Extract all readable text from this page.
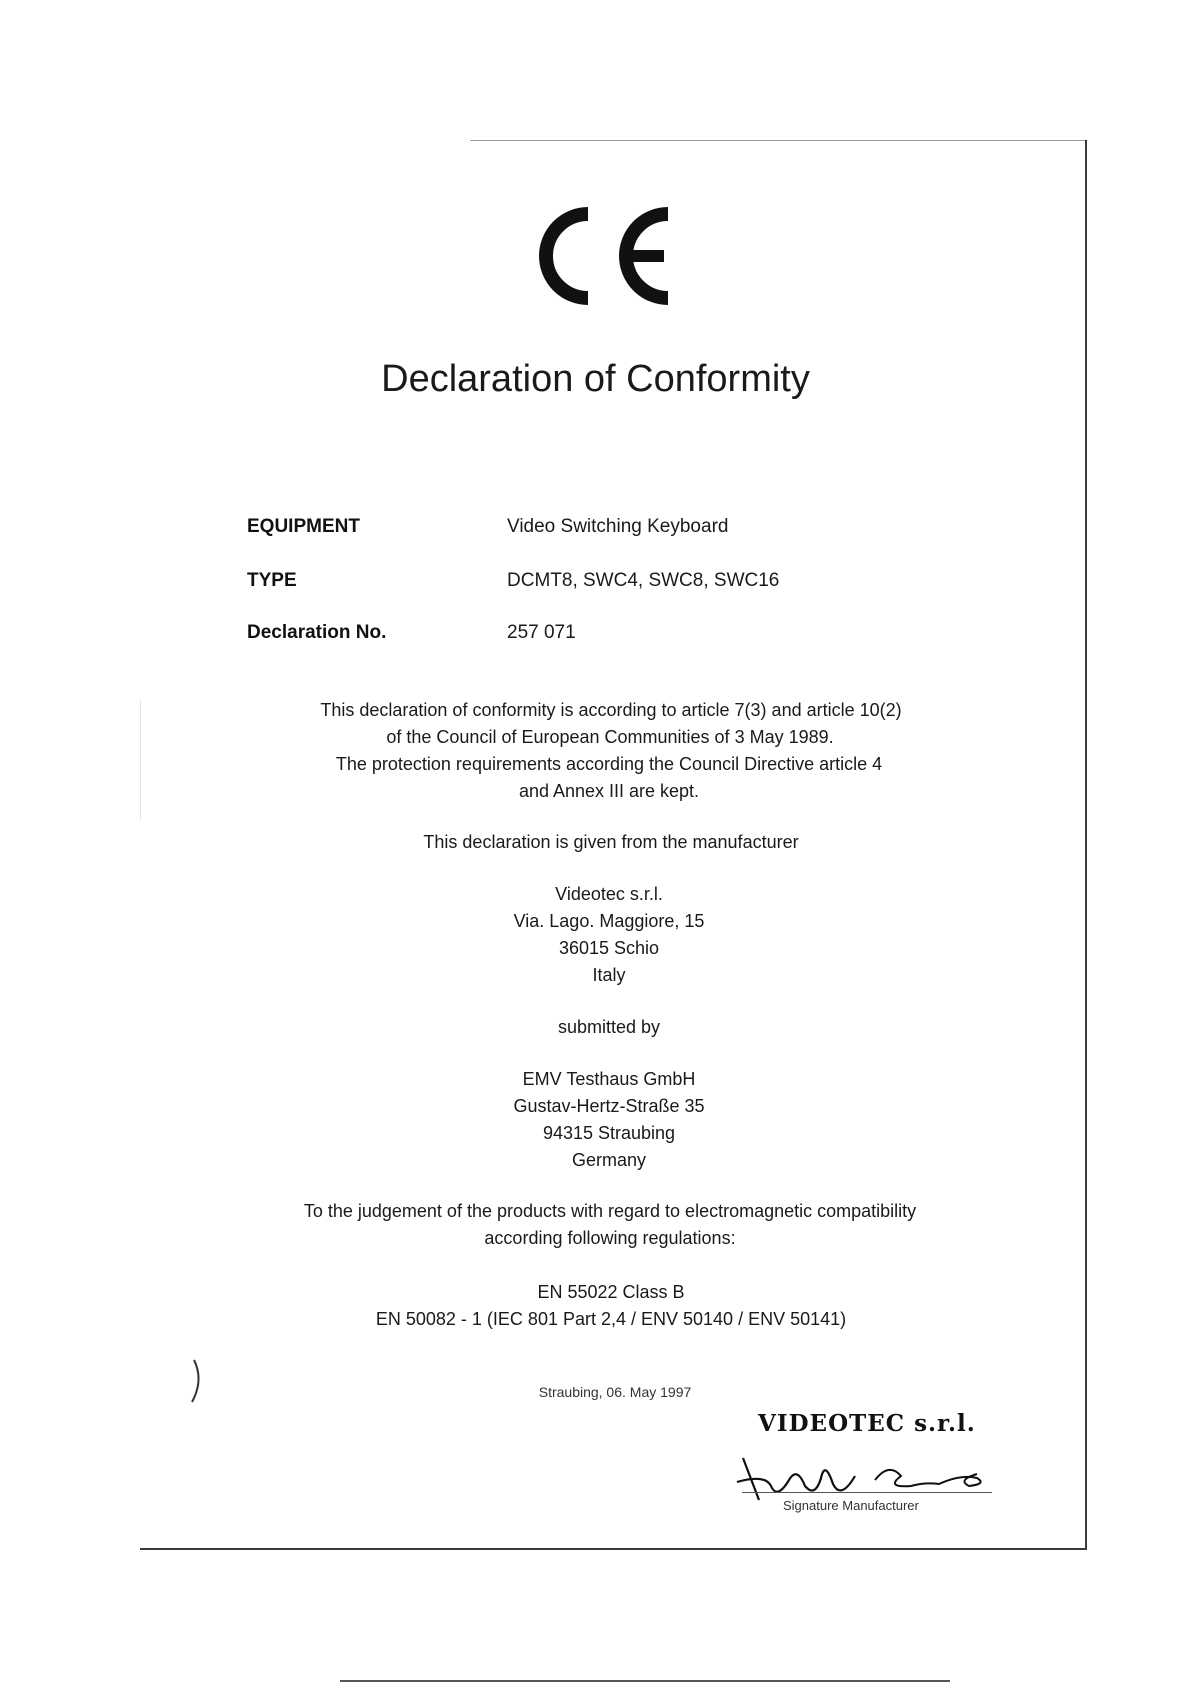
Declaration of Conformity
EQUIPMENT	Video Switching Keyboard
TYPE	DCMT8, SWC4, SWC8, SWC16
Declaration No.	257 071
This declaration of conformity is according to article 7(3) and article 10(2)
of the Council of European Communities of 3 May 1989.
The protection requirements according the Council Directive article 4
and Annex III are kept.
This declaration is given from the manufacturer
Videotec s.r.l.
Via. Lago. Maggiore, 15
36015 Schio
Italy
submitted by
EMV Testhaus GmbH
Gustav-Hertz-Straße 35
94315 Straubing
Germany
To the judgement of the products with regard to electromagnetic compatibility
according following regulations:
EN 55022 Class B
EN 50082 - 1 (IEC 801 Part 2,4 / ENV 50140 / ENV 50141)
Straubing, 06. May 1997
VIDEOTEC s.r.l.
Signature Manufacturer
